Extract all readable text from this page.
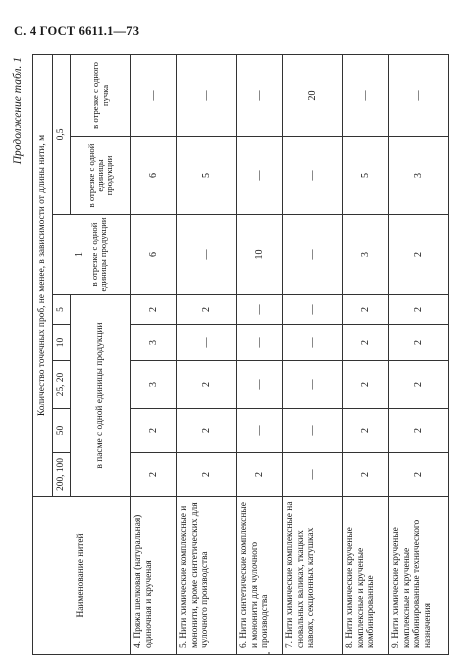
С. 4 ГОСТ 6611.1—73
Продолжение табл. 1
Наименование нитей	Количество точечных проб, не менее, в зависимости от длины нити, м							
	200, 100	50	25, 20	10	5	1 в отрезке с одной единицы продукции	0,5	
	в пасме с одной единицы продукции						в отрезке с одной единицы продукции	в отрезке с одного пучка
4. Пряжа шелковая (натуральная) одиночная и крученая	2	2	3	3	2	6	6	—
5. Нити химические комплексные и мононити, кроме синтетических для чулочного производства	2	2	2	—	2	—	5	—
6. Нити синтетические комплексные и мононити для чулочного производства	2	—	—	—	—	10	—	—
7. Нити химические комплексные на сновальных валиках, ткацких навоях, секционных катушках	—	—	—	—	—	—	—	20
8. Нити химические крученые комплексные и крученые комбинированные	2	2	2	2	2	3	5	—
9. Нити химические крученые комплексные и крученые комбинированные технического назначения	2	2	2	2	2	2	3	—
